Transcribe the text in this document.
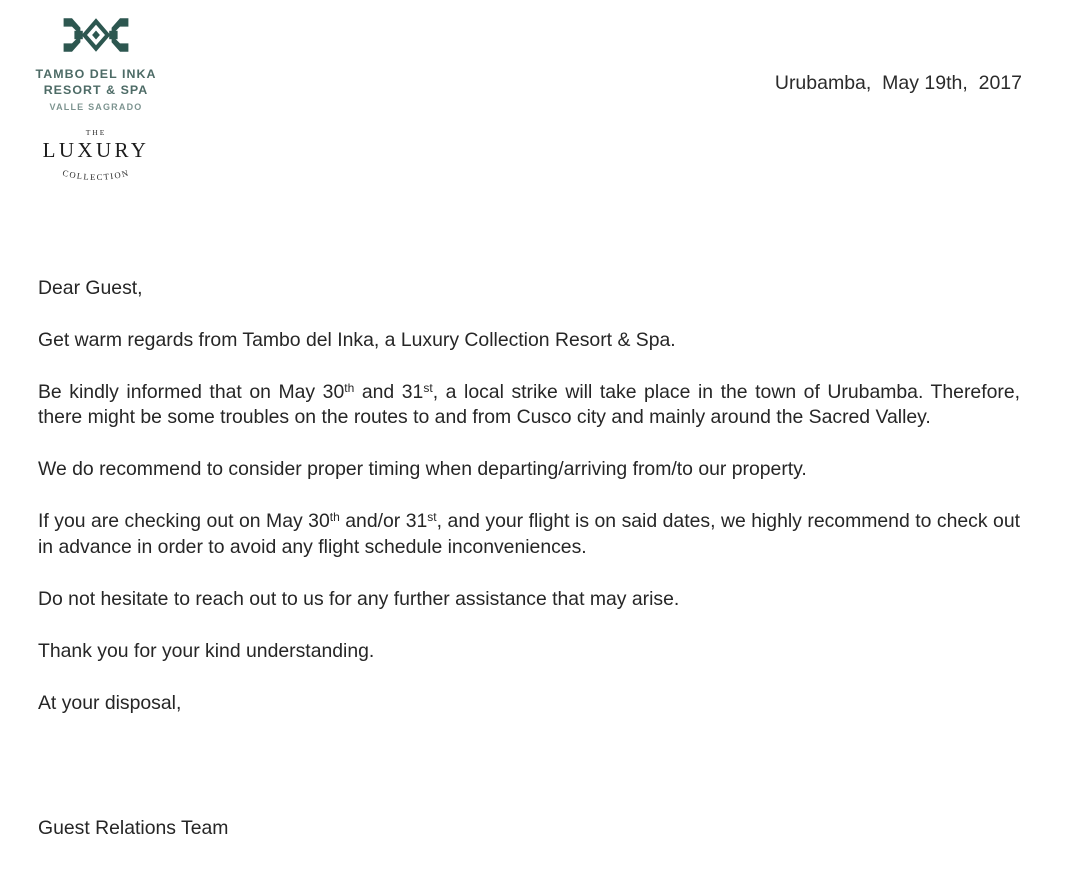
TAMBO DEL INKA
RESORT & SPA
VALLE SAGRADO
THE
LUXURY
COLLECTION
Urubamba,  May 19th,  2017

Dear Guest,

Get warm regards from Tambo del Inka, a Luxury Collection Resort & Spa.

Be kindly informed that on May 30th and 31st, a local strike will take place in the town of Urubamba. Therefore, there might be some troubles on the routes to and from Cusco city and mainly around the Sacred Valley.

We do recommend to consider proper timing when departing/arriving from/to our property.

If you are checking out on May 30th and/or 31st, and your flight is on said dates, we highly recommend to check out in advance in order to avoid any flight schedule inconveniences.

Do not hesitate to reach out to us for any further assistance that may arise.

Thank you for your kind understanding.

At your disposal,

Guest Relations Team
